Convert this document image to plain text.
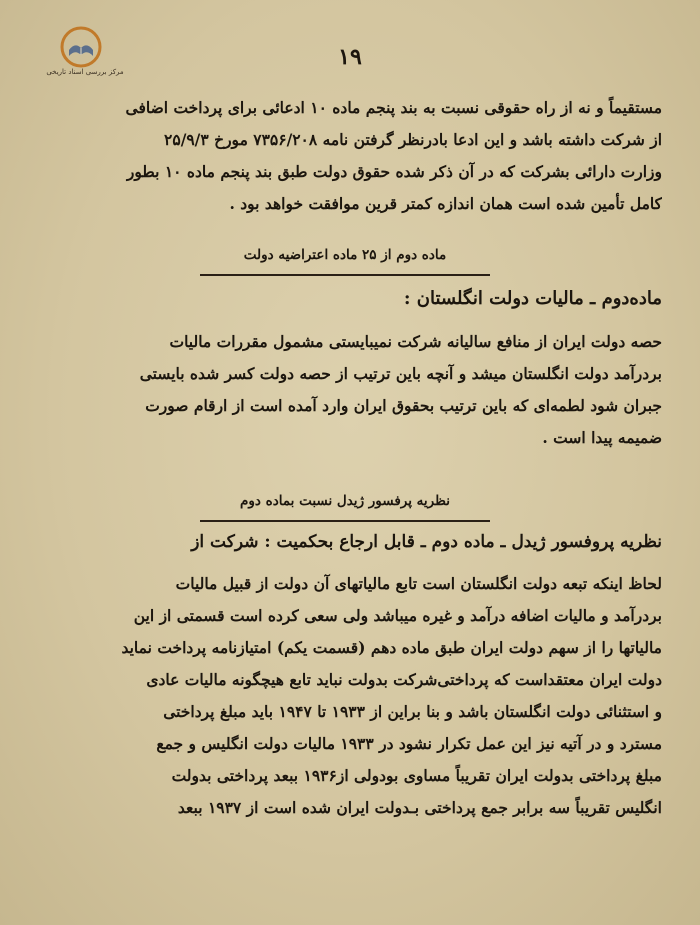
مرکز بررسی اسناد تاریخی
۱۹
مستقیماً و نه از راه حقوقی نسبت به بند پنجم ماده ۱۰ ادعائی برای پرداخت اضافی
از شرکت داشته باشد و این ادعا بادرنظر گرفتن نامه ۷۳۵۶/۲۰۸ مورخ ۲۵/۹/۳
وزارت دارائی بشرکت که در آن ذکر شده حقوق دولت طبق بند پنجم ماده ۱۰ بطور
کامل تأمین شده است همان اندازه کمتر قرین موافقت خواهد بود .
ماده دوم از ۲۵ ماده اعتراضیه دولت
ماده‌دوم ـ مالیات دولت انگلستان :
حصه دولت ایران از منافع سالیانه شرکت نمیبایستی مشمول مقررات مالیات
بردرآمد دولت انگلستان میشد و آنچه باین ترتیب از حصه دولت کسر شده بایستی
جبران شود لطمه‌ای که باین ترتیب بحقوق ایران وارد آمده است از ارقام صورت
ضمیمه پیدا است .
نظریه پرفسور ژیدل نسبت بماده دوم
نظریه پروفسور ژیدل ـ ماده دوم ـ قابل ارجاع بحکمیت : شرکت از
لحاظ اینکه تبعه دولت انگلستان است تابع مالیاتهای آن دولت از قبیل مالیات
بردرآمد و مالیات اضافه درآمد و غیره میباشد ولی سعی کرده است قسمتی از این
مالیاتها را از سهم دولت ایران طبق ماده دهم (قسمت یکم) امتیازنامه پرداخت نماید
دولت ایران معتقداست که پرداختی‌شرکت بدولت نباید تابع هیچگونه مالیات عادی
و استثنائی دولت انگلستان باشد و بنا براین از ۱۹۳۳ تا ۱۹۴۷ باید مبلغ پرداختی
مسترد و در آتیه نیز این عمل تکرار نشود در ۱۹۳۳ مالیات دولت انگلیس و جمع
مبلغ پرداختی بدولت ایران تقریباً مساوی بودولی از۱۹۳۶ ببعد پرداختی بدولت
انگلیس تقریباً سه برابر جمع پرداختی بـدولت ایران شده است از ۱۹۳۷ ببعد
